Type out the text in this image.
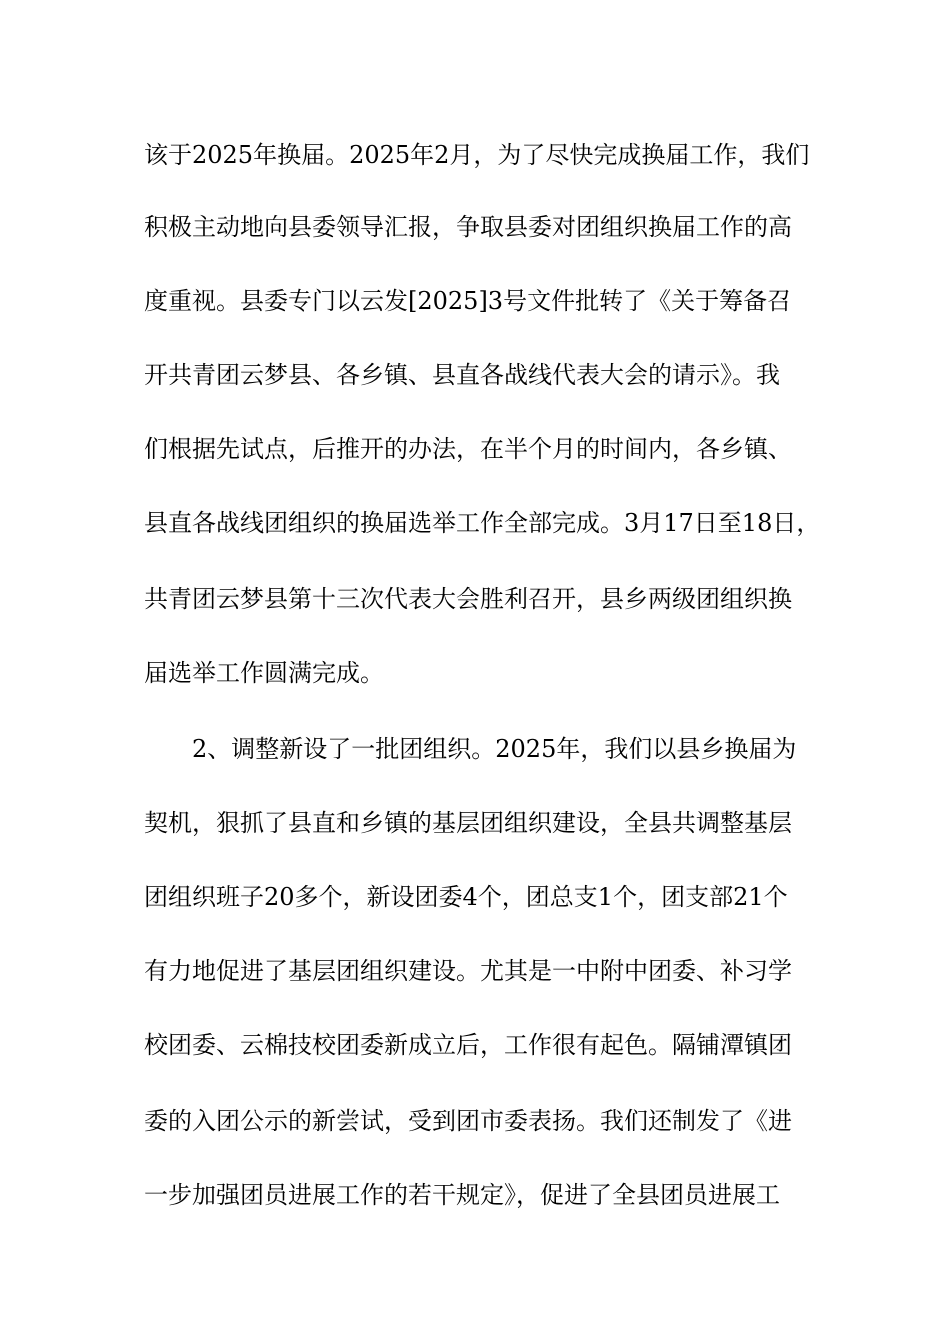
该于2025年换届。2025年2月，为了尽快完成换届工作，我们
积极主动地向县委领导汇报，争取县委对团组织换届工作的高
度重视。县委专门以云发[2025]3号文件批转了《关于筹备召
开共青团云梦县、各乡镇、县直各战线代表大会的请示》。我
们根据先试点，后推开的办法，在半个月的时间内，各乡镇、
县直各战线团组织的换届选举工作全部完成。3月17日至18日，
共青团云梦县第十三次代表大会胜利召开，县乡两级团组织换
届选举工作圆满完成。
2、调整新设了一批团组织。2025年，我们以县乡换届为
契机，狠抓了县直和乡镇的基层团组织建设，全县共调整基层
团组织班子20多个，新设团委4个，团总支1个，团支部21个
有力地促进了基层团组织建设。尤其是一中附中团委、补习学
校团委、云棉技校团委新成立后，工作很有起色。隔铺潭镇团
委的入团公示的新尝试，受到团市委表扬。我们还制发了《进
一步加强团员进展工作的若干规定》，促进了全县团员进展工
